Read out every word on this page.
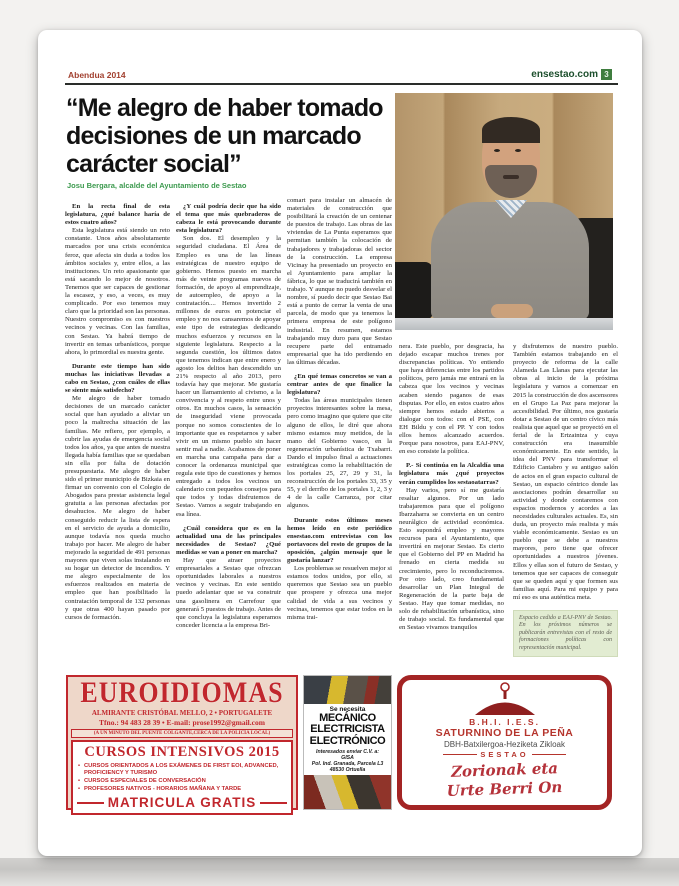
Abendua 2014	ensestao.com 3
“Me alegro de haber tomado decisiones de un marcado carácter social”
Josu Bergara, alcalde del Ayuntamiento de Sestao

En la recta final de esta legislatura, ¿qué balance haría de estos cuatro años?

Esta legislatura está siendo un reto constante. Unos años absolutamente marcados por una crisis económica feroz, que afecta sin duda a todos los ámbitos sociales y, entre ellos, a las instituciones. Un reto apasionante que está sacando lo mejor de nosotros. Tenemos que ser capaces de gestionar la escasez, y eso, a veces, es muy complicado. Por eso tenemos muy claro que la prioridad son las personas. Nuestro compromiso es con nuestros vecinos y vecinas. Con las familias, con Sestao. Ya habrá tiempo de invertir en temas urbanísticos, porque ahora, lo primordial es nuestra gente.

Durante este tiempo han sido muchas las iniciativas llevadas a cabo en Sestao, ¿con cuáles de ellas se siente más satisfecho?

Me alegro de haber tomado decisiones de un marcado carácter social que han ayudado a aliviar un poco la maltrecha situación de las familias. Me refiero, por ejemplo, a cubrir las ayudas de emergencia social todos los años, ya que antes de nuestra llegada había familias que se quedaban sin ella por falta de dotación presupuestaria. Me alegro de haber sido el primer municipio de Bizkaia en firmar un convenio con el Colegio de Abogados para prestar asistencia legal gratuita a las personas afectadas por desahucios. Me alegro de haber conseguido reducir la lista de espera en el servicio de ayuda a domicilio, aunque todavía nos queda mucho trabajo por hacer. Me alegro de haber mejorado la seguridad de 491 personas mayores que viven solas instalando en su hogar un detector de incendios. Y me alegro especialmente de los esfuerzos realizados en materia de empleo que han posibilitado la contratación temporal de 132 personas y que otras 400 hayan pasado por cursos de formación.

¿Y cuál podría decir que ha sido el tema que más quebraderos de cabeza le está provocando durante esta legislatura?

Son dos. El desempleo y la seguridad ciudadana. El Área de Empleo es una de las líneas estratégicas de nuestro equipo de gobierno. Hemos puesto en marcha más de veinte programas nuevos de formación, de apoyo al emprendizaje, de autoempleo, de apoyo a la contratación.... Hemos invertido 2 millones de euros en potenciar el empleo y no nos cansaremos de apoyar este tipo de estrategias dedicando muchos esfuerzos y recursos en la siguiente legislatura. Respecto a la segunda cuestión, los últimos datos que tenemos indican que entre enero y agosto los delitos han descendido un 21% respecto al año 2013, pero todavía hay que mejorar. Me gustaría hacer un llamamiento al civismo, a la convivencia y al respeto entre unos y otros. En muchos casos, la sensación de inseguridad viene provocada porque no somos conscientes de lo importante que es respetarnos y saber vivir en un mismo pueblo sin hacer sentir mal a nadie. Acabamos de poner en marcha una campaña para dar a conocer la ordenanza municipal que regula este tipo de cuestiones y hemos entregado a todos los vecinos un calendario con pequeños consejos para que todos y todas disfrutemos de Sestao. Vamos a seguir trabajando en esa línea.

¿Cuál considera que es en la actualidad una de las principales necesidades de Sestao? ¿Qué medidas se van a poner en marcha?

Hay que atraer proyectos empresariales a Sestao que ofrezcan oportunidades laborales a nuestros vecinos y vecinas. En este sentido puedo adelantar que se va construir una gasolinera en Carrefour que generará 5 puestos de trabajo. Antes de que concluya la legislatura esperamos conceder licencia a la empresa Bri-

comart para instalar un almacén de materiales de construcción que posibilitará la creación de un centenar de puestos de trabajo. Las obras de las viviendas de La Punta esperamos que permitan también la colocación de trabajadores y trabajadoras del sector de la construcción. La empresa Vicinay ha presentado un proyecto en el Ayuntamiento para ampliar la fábrica, lo que se traducirá también en trabajo. Y aunque no puedo desvelar el nombre, sí puedo decir que Sestao Bai está a punto de cerrar la venta de una parcela, de modo que ya tenemos la primera empresa de este polígono industrial. En resumen, estamos trabajando muy duro para que Sestao recupere parte del entramado empresarial que ha ido perdiendo en las últimas décadas.

¿En qué temas concretos se van a centrar antes de que finalice la legislatura?

Todas las áreas municipales tienen proyectos interesantes sobre la mesa, pero como imagino que quiere que cite alguno de ellos, le diré que ahora mismo estamos muy metidos, de la mano del Gobierno vasco, en la regeneración urbanística de Txabarri. Dando el impulso final a actuaciones estratégicas como la rehabilitación de los portales 25, 27, 29 y 31, la reconstrucción de los portales 33, 35 y 55, y el derribo de los portales 1, 2, 3 y 4 de la calle Carranza, por citar algunos.

Durante estos últimos meses hemos leído en este periódico ensestao.com entrevistas con los portavoces del resto de grupos de la oposición, ¿algún mensaje que le gustaría lanzar?

Los problemas se resuelven mejor si estamos todos unidos, por ello, si queremos que Sestao sea un pueblo que prospere y ofrezca una mejor calidad de vida a sus vecinos y vecinas, tenemos que estar todos en la misma trai-

nera. Este pueblo, por desgracia, ha dejado escapar muchos trenes por discrepancias políticas. Yo entiendo que haya diferencias entre los partidos políticos, pero jamás me entrará en la cabeza que los vecinos y vecinas acaben siendo paganos de esas disputas. Por ello, en estos cuatro años siempre hemos estado abiertos a dialogar con todos: con el PSE, con EH Bildu y con el PP. Y con todos ellos hemos alcanzado acuerdos. Porque para nosotros, para EAJ-PNV, en eso consiste la política.

P.- Si continúa en la Alcaldía una legislatura más ¿qué proyectos verán cumplidos los sestaoatarras?

Hay varios, pero sí me gustaría resaltar algunos. Por un lado trabajaremos para que el polígono Ibarzaharra se convierta en un centro neurálgico de actividad económica. Esto supondrá empleo y mayores recursos para el Ayuntamiento, que invertirá en mejorar Sestao. Es cierto que el Gobierno del PP en Madrid ha frenado en cierta medida su crecimiento, pero lo reconduciremos. Por otro lado, creo fundamental desarrollar un Plan Integral de Regeneración de la parte baja de Sestao. Hay que tomar medidas, no solo de rehabilitación urbanística, sino de trabajo social. Es fundamental que en Sestao vivamos tranquilos

y disfrutemos de nuestro pueblo. También estamos trabajando en el proyecto de reforma de la calle Alameda Las Llanas para ejecutar las obras al inicio de la próxima legislatura y vamos a comenzar en 2015 la construcción de dos ascensores en el Grupo La Paz para mejorar la accesibilidad. Por último, nos gustaría dotar a Sestao de un centro cívico más realista que aquel que se proyectó en el ferial de la Ertzaintza y cuya construcción era inasumible económicamente. En este sentido, la idea del PNV para transformar el Edificio Cantabro y su antiguo salón de actos en el gran espacio cultural de Sestao, un espacio céntrico donde las asociaciones podrán desarrollar su actividad y donde contaremos con espacios modernos y acordes a las necesidades culturales actuales. Es, sin duda, un proyecto más realista y más viable económicamente. Sestao es un pueblo que se debe a nuestros mayores, pero tiene que ofrecer oportunidades a nuestros jóvenes. Ellos y ellas son el futuro de Sestao, y tenemos que ser capaces de conseguir que se queden aquí y que formen sus familias aquí. Para mi equipo y para mí eso es una auténtica meta.

Espacio cedido a EAJ-PNV de Sestao. En los próximos números se publicarán entrevistas con el resto de formaciones políticas con representación municipal.
EUROIDIOMAS
ALMIRANTE CRISTÓBAL MELLO, 2 • PORTUGALETE
Tfno.: 94 483 28 39 • E-mail: prose1992@gmail.com
(A UN MINUTO DEL PUENTE COLGANTE,CERCA DE LA POLICÍA LOCAL)
CURSOS INTENSIVOS 2015
• CURSOS ORIENTADOS A LOS EXÁMENES DE FIRST EOI, ADVANCED, PROFICIENCY Y TURISMO
• CURSOS ESPECIALES DE CONVERSACIÓN
• PROFESORES NATIVOS - HORARIOS MAÑANA Y TARDE
MATRICULA GRATIS
Se necesita
MECÁNICO
ELECTRICISTA
ELECTRÓNICO
Interesados enviar C.V. a:
GISA
Pol. Ind. Granada, Parcela L3
48530 Ortuella
B.H.I. I.E.S.
SATURNINO DE LA PEÑA
DBH-Batxilergoa-Heziketa Zikloak
SESTAO
Zorionak eta
Urte Berri On
